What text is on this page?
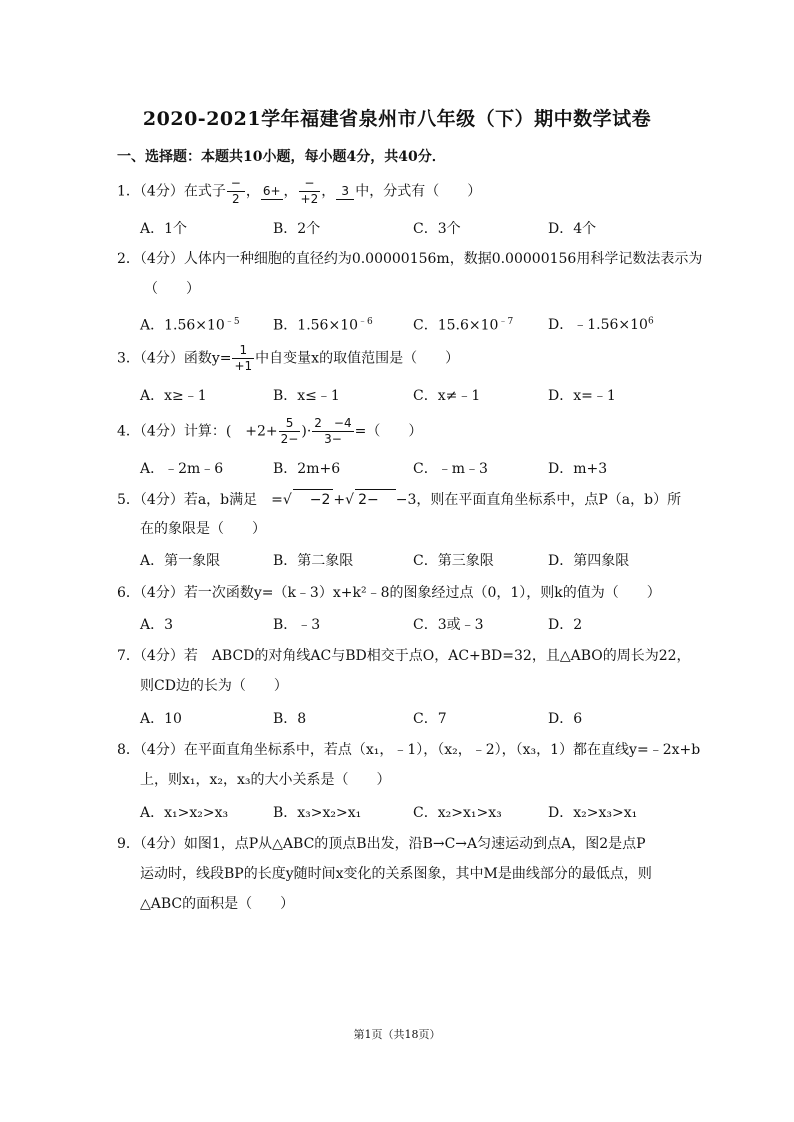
2020-2021学年福建省泉州市八年级（下）期中数学试卷
一、选择题：本题共10小题，每小题4分，共40分．
1．（4分）在式子 $\frac{-}{2}$ ， 6+ ， $\frac{-}{+2}$ ， 3 中，分式有（　　）
A．1个	B．2个	C．3个	D．4个
2．（4分）人体内一种细胞的直径约为0.00000156m，数据0.00000156用科学记数法表示为
（　　）
A．$1.56\times 10^{﹣5}$ B．$1.56\times 10^{﹣6}$	C．$15.6\times 10^{﹣7}$ D．$﹣1.56\times 10^6$
3．（4分）函数$y= \frac{1}{+1}$ 中自变量x的取值范围是（　　）
A．x≥﹣1	B．x≤﹣1	C．x≠﹣1	D．x=﹣1
4．（4分）计算：(　$+2+ \frac{5}{2-}$ )· $\frac{2 -4}{3-}$ =（　　）
A．﹣2m﹣6	B．2m+6	C．﹣m﹣3	D．m+3
5．（4分）若a，b满足　=√　−2 +√ 2−　−3，则在平面直角坐标系中，点P（a，b）所
在的象限是（　　）
A．第一象限	B．第二象限	C．第三象限	D．第四象限
6．（4分）若一次函数y=（k﹣3）x+k²﹣8的图象经过点（0，1），则k的值为（　　）
A．3	B．﹣3	C．3或﹣3	D．2
7．（4分）若　ABCD的对角线AC与BD相交于点O，AC+BD=32，且△ABO的周长为22，
则CD边的长为（　　）
A．10	B．8	C．7	D．6
8．（4分）在平面直角坐标系中，若点（x₁，﹣1），（x₂，﹣2），（x₃，1）都在直线y=﹣2x+b
上，则x₁，x₂，x₃的大小关系是（　　）
A．x₁>x₂>x₃	B．x₃>x₂>x₁	C．x₂>x₁>x₃	D．x₂>x₃>x₁
9．（4分）如图1，点P从△ABC的顶点B出发，沿B→C→A匀速运动到点A，图2是点P
运动时，线段BP的长度y随时间x变化的关系图象，其中M是曲线部分的最低点，则
△ABC的面积是（　　）
第1页（共18页）
